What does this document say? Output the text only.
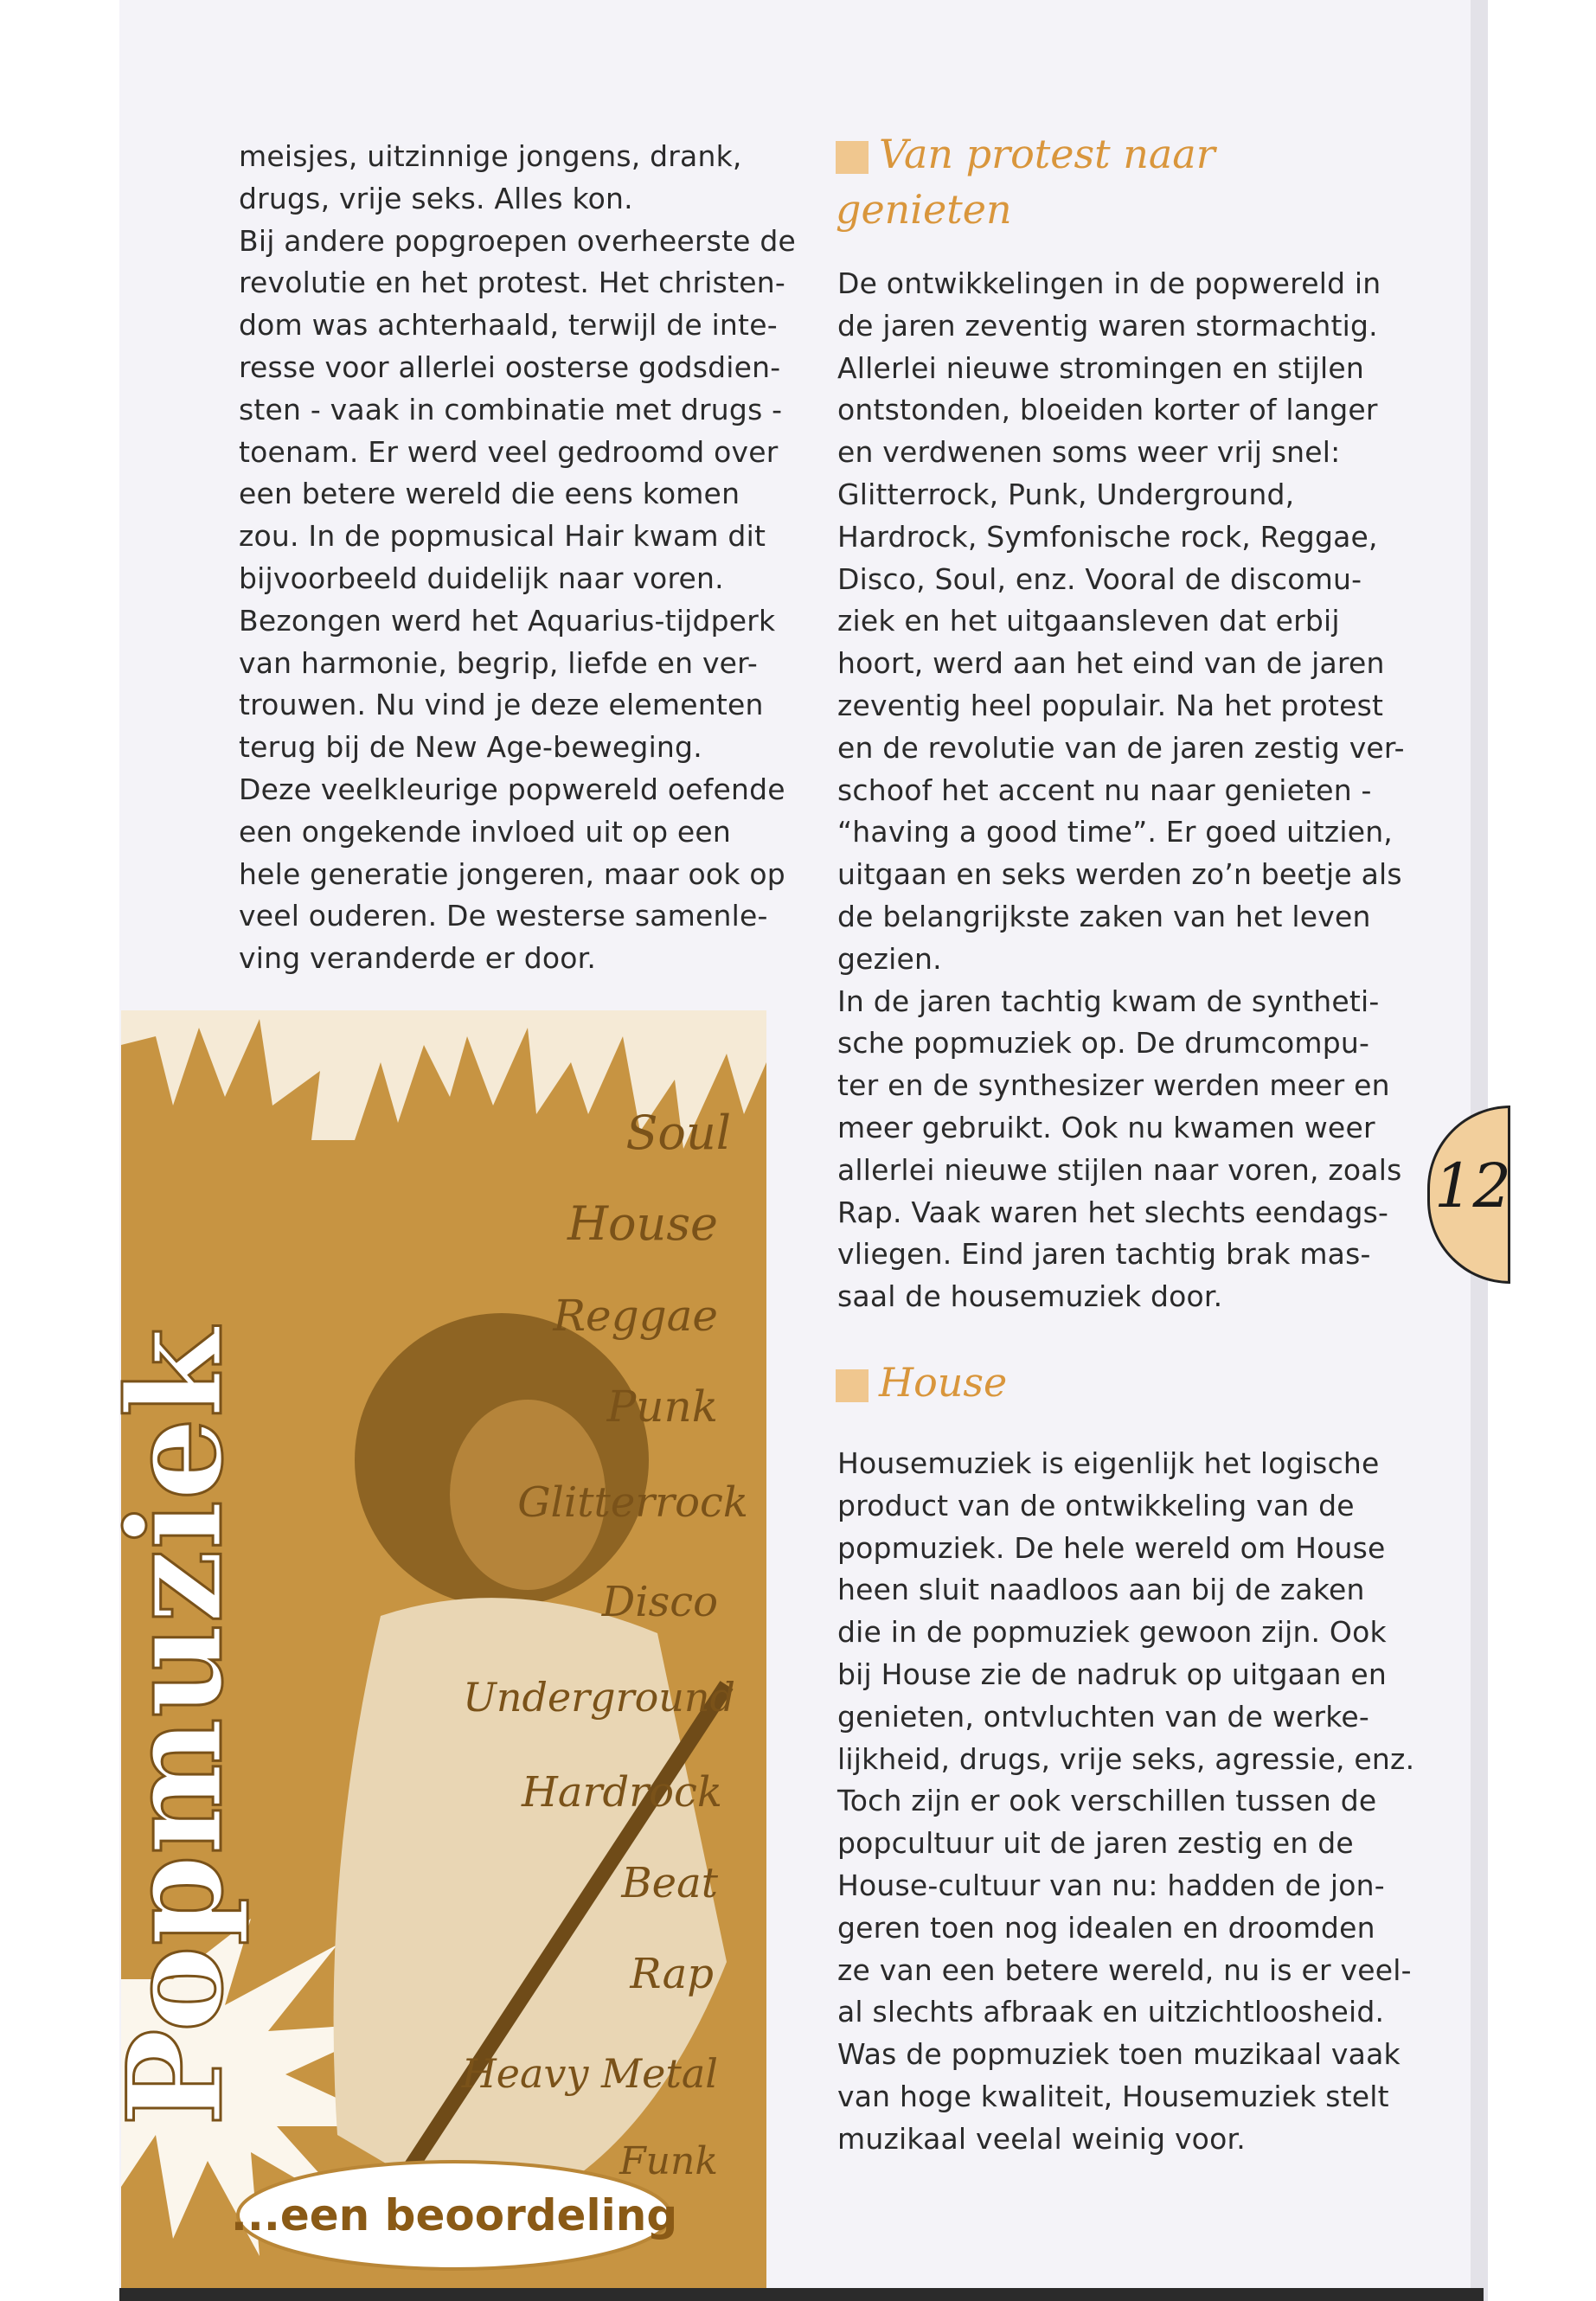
meisjes, uitzinnige jongens, drank,
drugs, vrije seks. Alles kon.
Bij andere popgroepen overheerste de
revolutie en het protest. Het christen-
dom was achterhaald, terwijl de inte-
resse voor allerlei oosterse godsdien-
sten - vaak in combinatie met drugs -
toenam. Er werd veel gedroomd over
een betere wereld die eens komen
zou. In de popmusical Hair kwam dit
bijvoorbeeld duidelijk naar voren.
Bezongen werd het Aquarius-tijdperk
van harmonie, begrip, liefde en ver-
trouwen. Nu vind je deze elementen
terug bij de New Age-beweging.
Deze veelkleurige popwereld oefende
een ongekende invloed uit op een
hele generatie jongeren, maar ook op
veel ouderen. De westerse samenle-
ving veranderde er door.
Van protest naar
genieten
De ontwikkelingen in de popwereld in
de jaren zeventig waren stormachtig.
Allerlei nieuwe stromingen en stijlen
ontstonden, bloeiden korter of langer
en verdwenen soms weer vrij snel:
Glitterrock, Punk, Underground,
Hardrock, Symfonische rock, Reggae,
Disco, Soul, enz. Vooral de discomu-
ziek en het uitgaansleven dat erbij
hoort, werd aan het eind van de jaren
zeventig heel populair. Na het protest
en de revolutie van de jaren zestig ver-
schoof het accent nu naar genieten -
“having a good time”. Er goed uitzien,
uitgaan en seks werden zo’n beetje als
de belangrijkste zaken van het leven
gezien.
In de jaren tachtig kwam de syntheti-
sche popmuziek op. De drumcompu-
ter en de synthesizer werden meer en
meer gebruikt. Ook nu kwamen weer
allerlei nieuwe stijlen naar voren, zoals
Rap. Vaak waren het slechts eendags-
vliegen. Eind jaren tachtig brak mas-
saal de housemuziek door.
House
Housemuziek is eigenlijk het logische
product van de ontwikkeling van de
popmuziek. De hele wereld om House
heen sluit naadloos aan bij de zaken
die in de popmuziek gewoon zijn. Ook
bij House zie de nadruk op uitgaan en
genieten, ontvluchten van de werke-
lijkheid, drugs, vrije seks, agressie, enz.
Toch zijn er ook verschillen tussen de
popcultuur uit de jaren zestig en de
House-cultuur van nu: hadden de jon-
geren toen nog idealen en droomden
ze van een betere wereld, nu is er veel-
al slechts afbraak en uitzichtloosheid.
Was de popmuziek toen muzikaal vaak
van hoge kwaliteit, Housemuziek stelt
muzikaal veelal weinig voor.
Soul
House
Reggae
Punk
Glitterrock
Disco
Underground
Hardrock
Beat
Rap
Heavy Metal
Funk
Popmuziek
...een beoordeling
12
